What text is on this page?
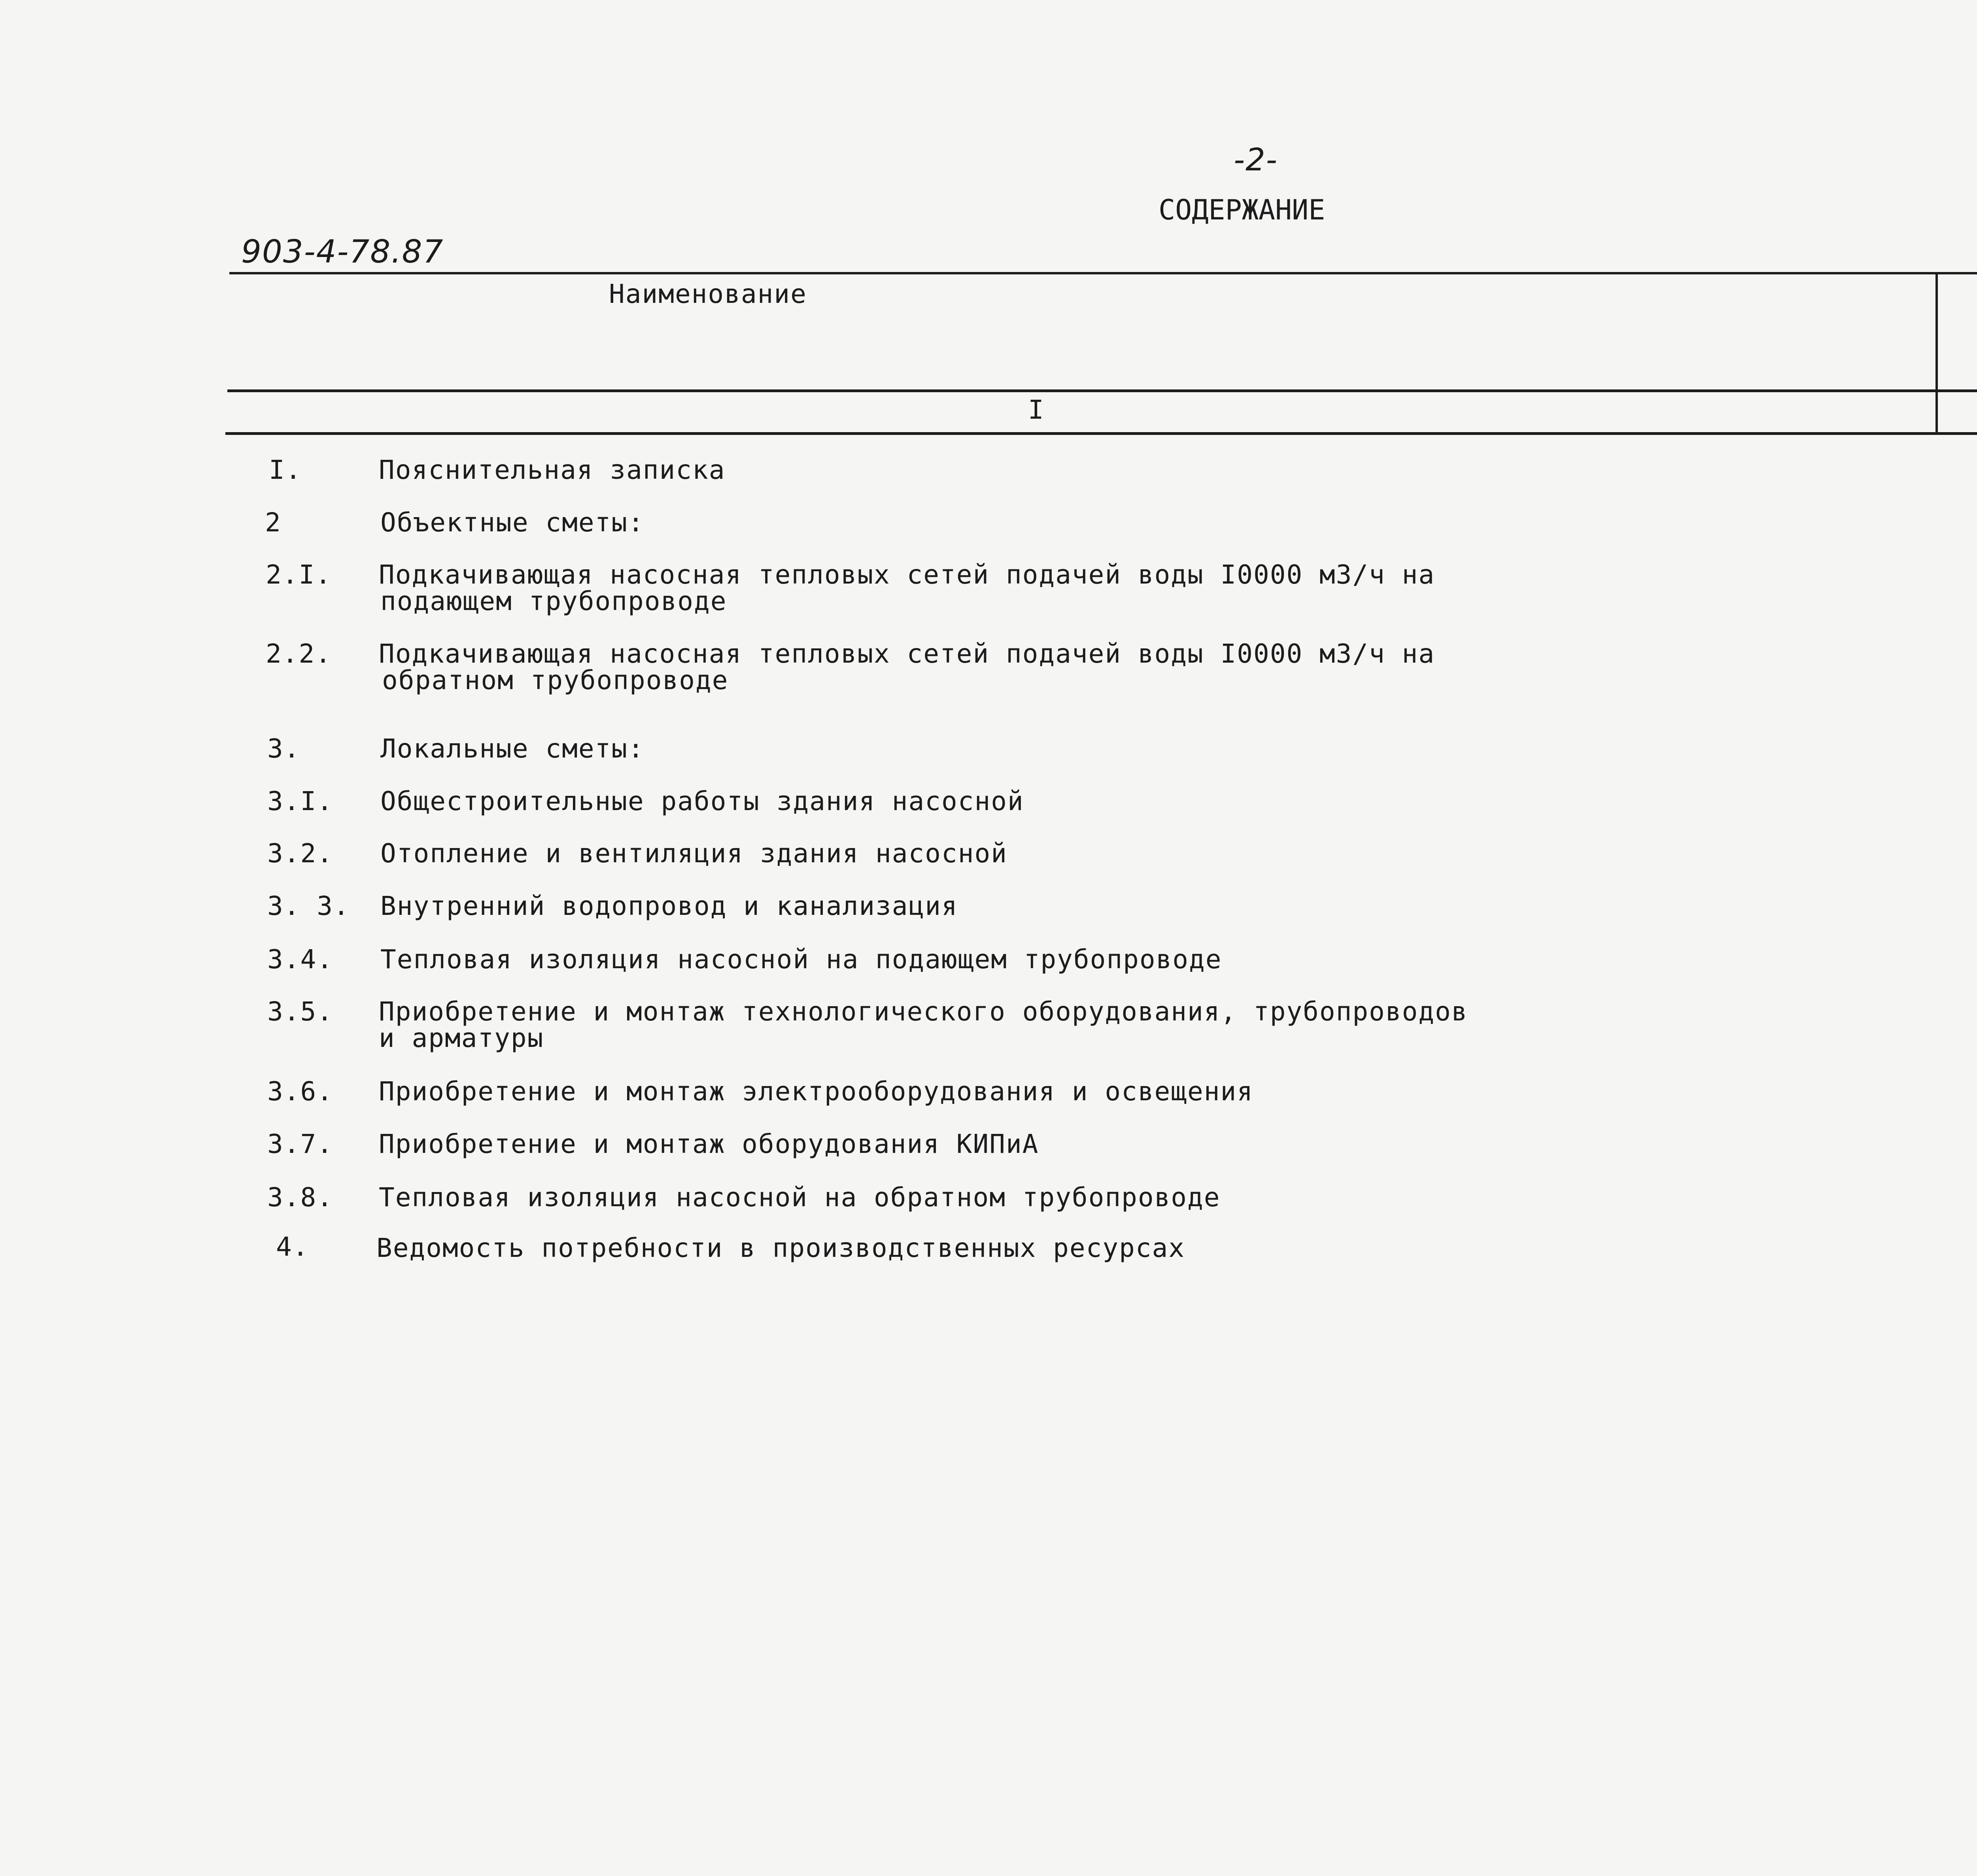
-2-
СОДЕРЖАНИЕ
903-4-78.87
Наименование
I
I.	Пояснительная записка
2	Объектные сметы:
2.I. Подкачивающая насосная тепловых сетей подачей воды I0000 м3/ч на
подающем трубопроводе
2.2. Подкачивающая насосная тепловых сетей подачей воды I0000 м3/ч на
обратном трубопроводе
3.	Локальные сметы:
3.I. Общестроительные работы здания насосной
3.2. Отопление и вентиляция здания насосной
3. 3. Внутренний водопровод и канализация
3.4. Тепловая изоляция насосной на подающем трубопроводе
3.5. Приобретение и монтаж технологического оборудования, трубопроводов
и арматуры
3.6. Приобретение и монтаж электрооборудования и освещения
3.7. Приобретение и монтаж оборудования КИПиА
3.8. Тепловая изоляция насосной на обратном трубопроводе
4.	Ведомость потребности в производственных ресурсах
